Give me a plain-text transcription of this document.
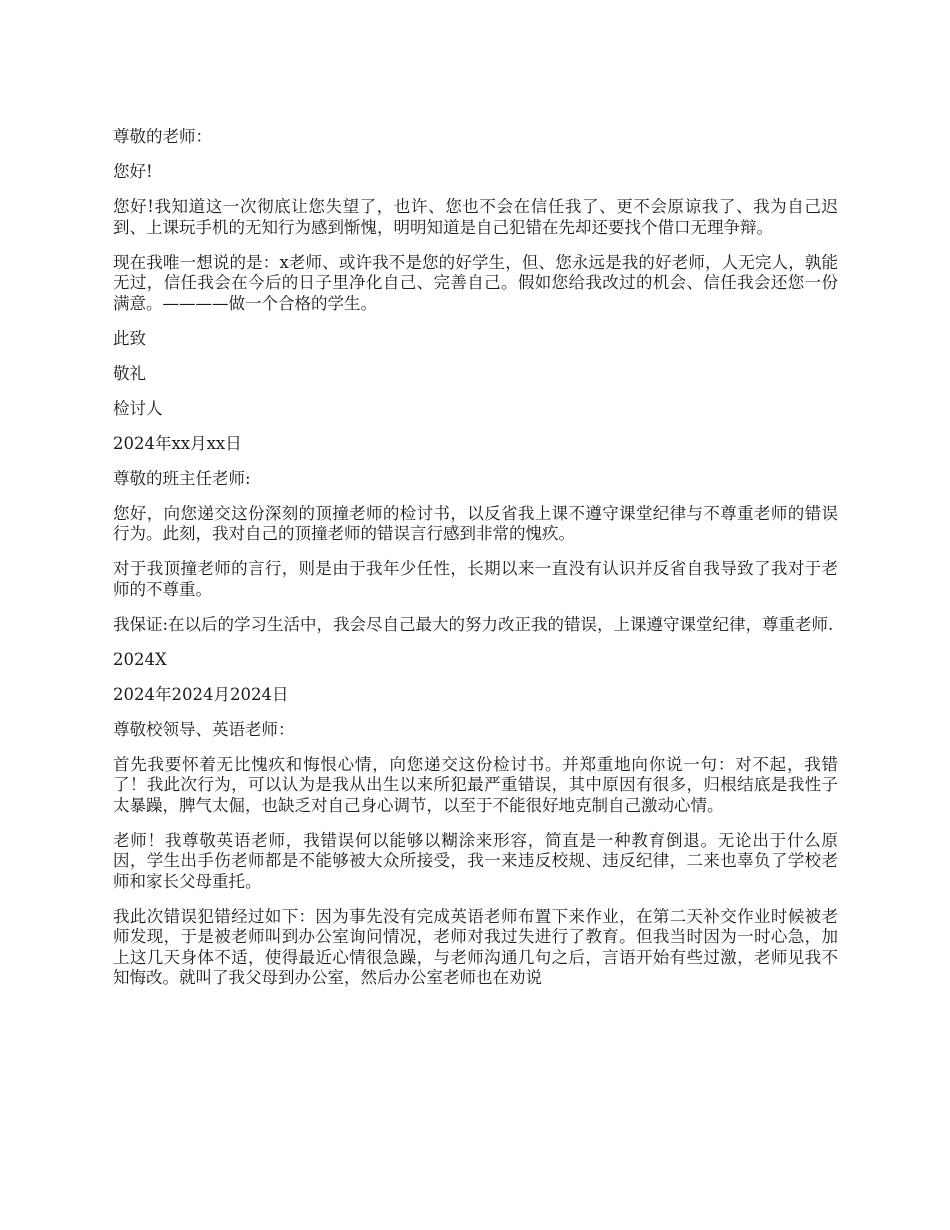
尊敬的老师：

您好!

您好!我知道这一次彻底让您失望了，也许、您也不会在信任我了、更不会原谅我了、我为自己迟到、上课玩手机的无知行为感到惭愧，明明知道是自己犯错在先却还要找个借口无理争辩。

现在我唯一想说的是：x老师、或许我不是您的好学生，但、您永远是我的好老师，人无完人，孰能无过，信任我会在今后的日子里净化自己、完善自己。假如您给我改过的机会、信任我会还您一份满意。————做一个合格的学生。

此致

敬礼

检讨人

2024年xx月xx日

尊敬的班主任老师:

您好，向您递交这份深刻的顶撞老师的检讨书，以反省我上课不遵守课堂纪律与不尊重老师的错误行为。此刻，我对自己的顶撞老师的错误言行感到非常的愧疚。

对于我顶撞老师的言行，则是由于我年少任性，长期以来一直没有认识并反省自我导致了我对于老师的不尊重。

我保证:在以后的学习生活中，我会尽自己最大的努力改正我的错误，上课遵守课堂纪律，尊重老师.

2024X

2024年2024月2024日

尊敬校领导、英语老师：

首先我要怀着无比愧疚和悔恨心情，向您递交这份检讨书。并郑重地向你说一句：对不起，我错了！我此次行为，可以认为是我从出生以来所犯最严重错误，其中原因有很多，归根结底是我性子太暴躁，脾气太倔，也缺乏对自己身心调节，以至于不能很好地克制自己激动心情。

老师！我尊敬英语老师，我错误何以能够以糊涂来形容，简直是一种教育倒退。无论出于什么原因，学生出手伤老师都是不能够被大众所接受，我一来违反校规、违反纪律，二来也辜负了学校老师和家长父母重托。

我此次错误犯错经过如下：因为事先没有完成英语老师布置下来作业，在第二天补交作业时候被老师发现，于是被老师叫到办公室询问情况，老师对我过失进行了教育。但我当时因为一时心急，加上这几天身体不适，使得最近心情很急躁，与老师沟通几句之后，言语开始有些过激，老师见我不知悔改。就叫了我父母到办公室，然后办公室老师也在劝说
